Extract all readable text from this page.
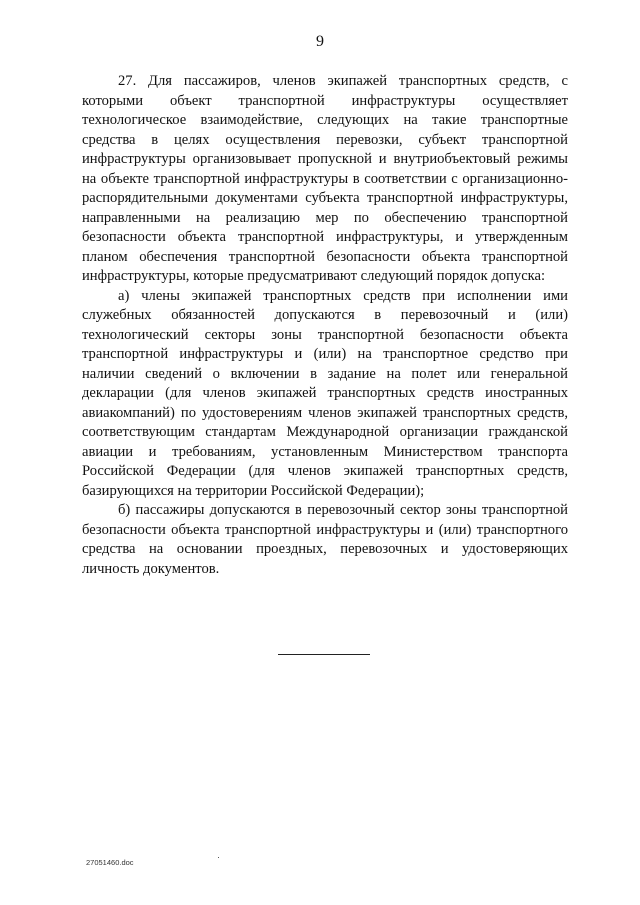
9

27. Для пассажиров, членов экипажей транспортных средств, с которыми объект транспортной инфраструктуры осуществляет технологическое взаимодействие, следующих на такие транспортные средства в целях осуществления перевозки, субъект транспортной инфраструктуры организовывает пропускной и внутриобъектовый режимы на объекте транспортной инфраструктуры в соответствии с организационно-распорядительными документами субъекта транспортной инфраструктуры, направленными на реализацию мер по обеспечению транспортной безопасности объекта транспортной инфраструктуры, и утвержденным планом обеспечения транспортной безопасности объекта транспортной инфраструктуры, которые предусматривают следующий порядок допуска:

а) члены экипажей транспортных средств при исполнении ими служебных обязанностей допускаются в перевозочный и (или) технологический секторы зоны транспортной безопасности объекта транспортной инфраструктуры и (или) на транспортное средство при наличии сведений о включении в задание на полет или генеральной декларации (для членов экипажей транспортных средств иностранных авиакомпаний) по удостоверениям членов экипажей транспортных средств, соответствующим стандартам Международной организации гражданской авиации и требованиям, установленным Министерством транспорта Российской Федерации (для членов экипажей транспортных средств, базирующихся на территории Российской Федерации);

б) пассажиры допускаются в перевозочный сектор зоны транспортной безопасности объекта транспортной инфраструктуры и (или) транспортного средства на основании проездных, перевозочных и удостоверяющих личность документов.

27051460.doc
